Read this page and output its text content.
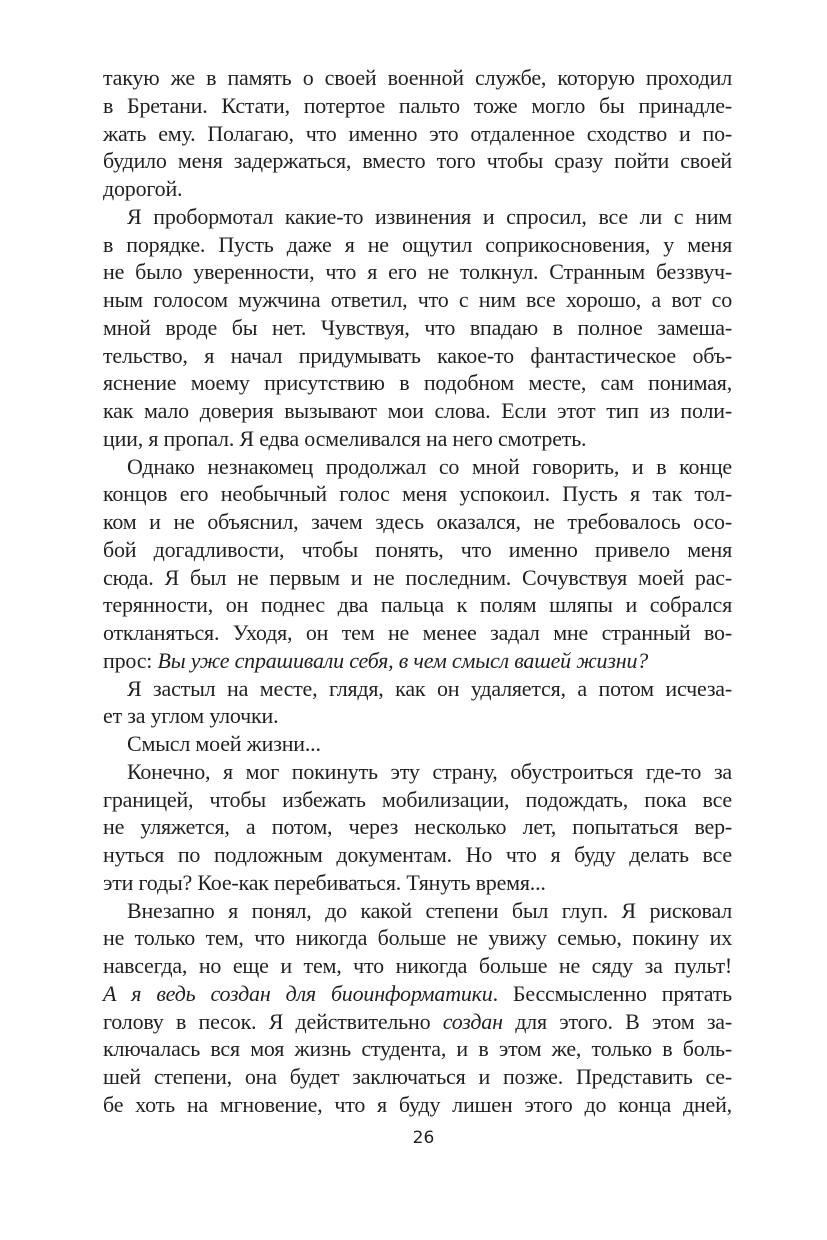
такую же в память о своей военной службе, которую проходил
в Бретани. Кстати, потертое пальто тоже могло бы принадле-
жать ему. Полагаю, что именно это отдаленное сходство и по-
будило меня задержаться, вместо того чтобы сразу пойти своей
дорогой.
Я пробормотал какие-то извинения и спросил, все ли с ним
в порядке. Пусть даже я не ощутил соприкосновения, у меня
не было уверенности, что я его не толкнул. Странным беззвуч-
ным голосом мужчина ответил, что с ним все хорошо, а вот со
мной вроде бы нет. Чувствуя, что впадаю в полное замеша-
тельство, я начал придумывать какое-то фантастическое объ-
яснение моему присутствию в подобном месте, сам понимая,
как мало доверия вызывают мои слова. Если этот тип из поли-
ции, я пропал. Я едва осмеливался на него смотреть.
Однако незнакомец продолжал со мной говорить, и в конце
концов его необычный голос меня успокоил. Пусть я так тол-
ком и не объяснил, зачем здесь оказался, не требовалось осо-
бой догадливости, чтобы понять, что именно привело меня
сюда. Я был не первым и не последним. Сочувствуя моей рас-
терянности, он поднес два пальца к полям шляпы и собрался
откланяться. Уходя, он тем не менее задал мне странный во-
прос: Вы уже спрашивали себя, в чем смысл вашей жизни?
Я застыл на месте, глядя, как он удаляется, а потом исчеза-
ет за углом улочки.
Смысл моей жизни...
Конечно, я мог покинуть эту страну, обустроиться где-то за
границей, чтобы избежать мобилизации, подождать, пока все
не уляжется, а потом, через несколько лет, попытаться вер-
нуться по подложным документам. Но что я буду делать все
эти годы? Кое-как перебиваться. Тянуть время...
Внезапно я понял, до какой степени был глуп. Я рисковал
не только тем, что никогда больше не увижу семью, покину их
навсегда, но еще и тем, что никогда больше не сяду за пульт!
А я ведь создан для биоинформатики. Бессмысленно прятать
голову в песок. Я действительно создан для этого. В этом за-
ключалась вся моя жизнь студента, и в этом же, только в боль-
шей степени, она будет заключаться и позже. Представить се-
бе хоть на мгновение, что я буду лишен этого до конца дней,
26
